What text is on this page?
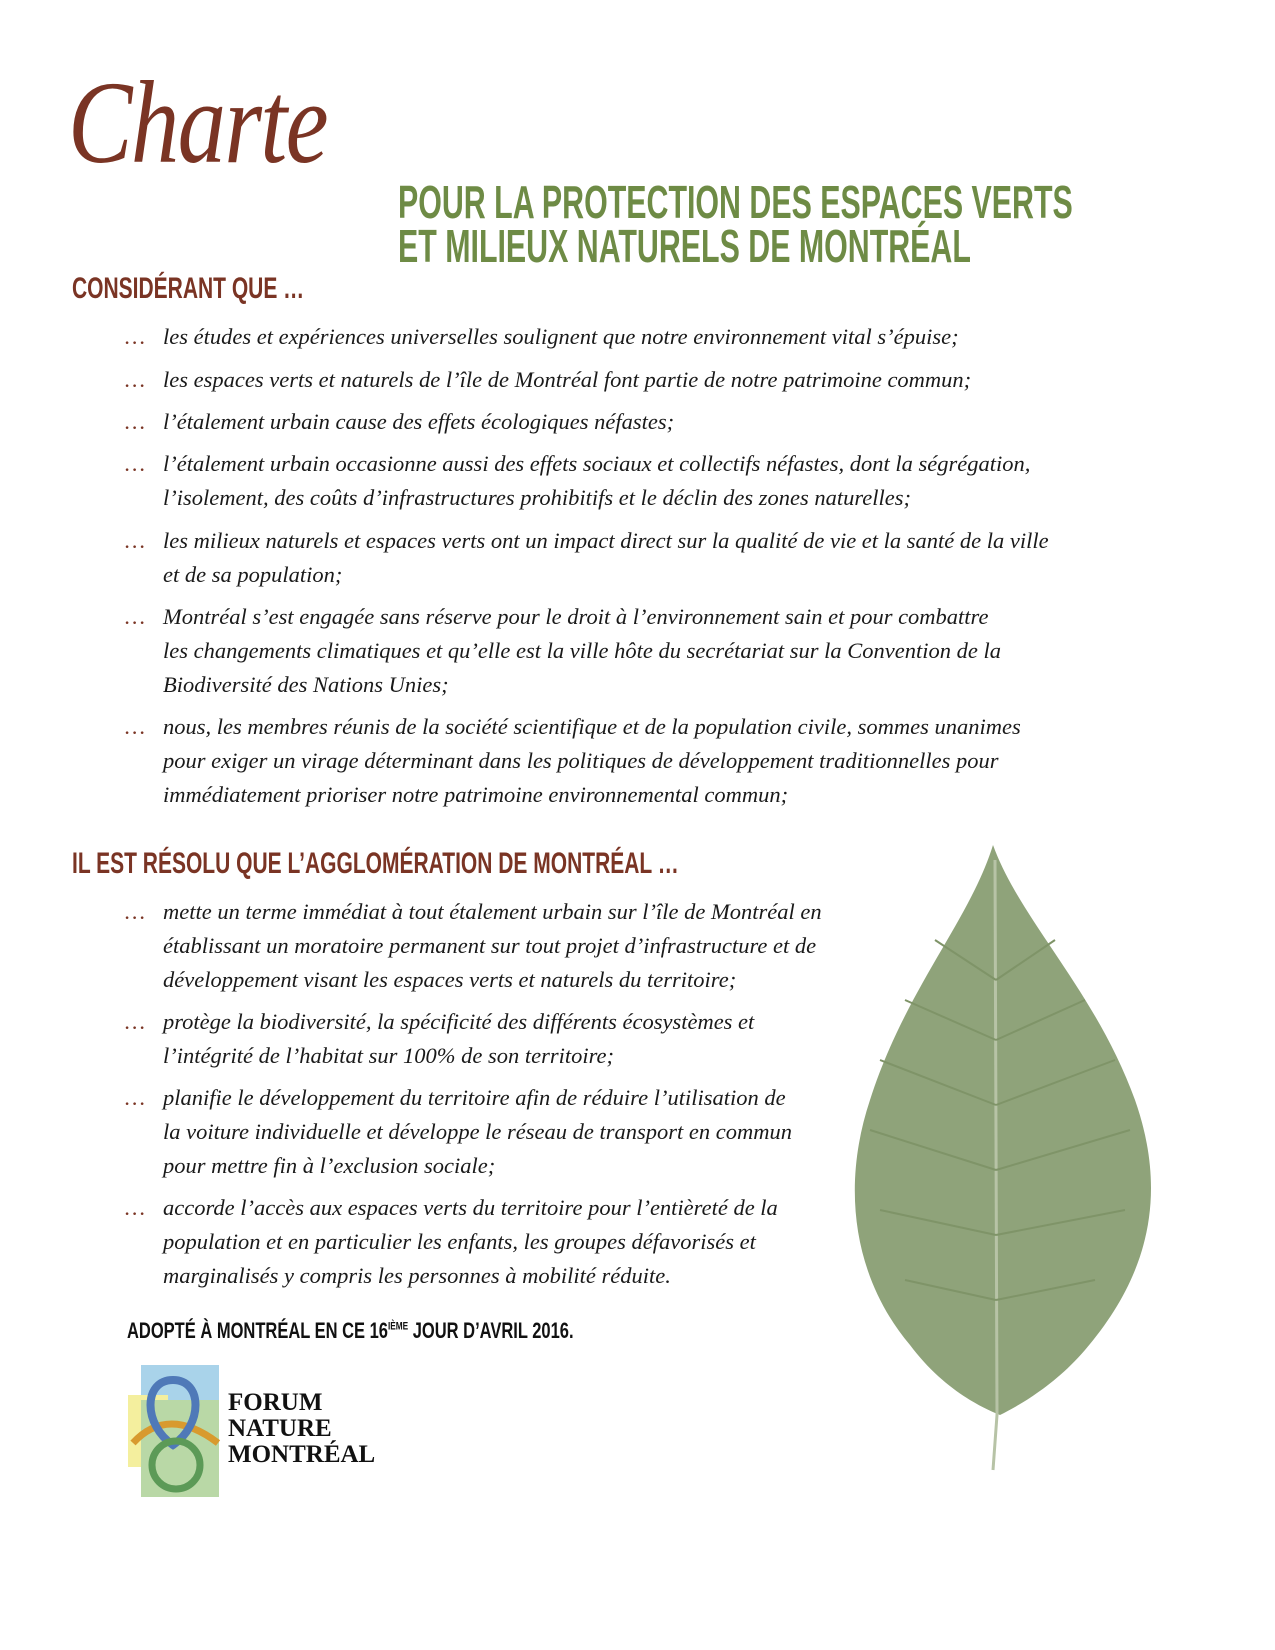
Charte
POUR LA PROTECTION DES ESPACES VERTS
ET MILIEUX NATURELS DE MONTRÉAL
CONSIDÉRANT QUE …
… les études et expériences universelles soulignent que notre environnement vital s’épuise;
… les espaces verts et naturels de l’île de Montréal font partie de notre patrimoine commun;
… l’étalement urbain cause des effets écologiques néfastes;
… l’étalement urbain occasionne aussi des effets sociaux et collectifs néfastes, dont la ségrégation,
l’isolement, des coûts d’infrastructures prohibitifs et le déclin des zones naturelles;
… les milieux naturels et espaces verts ont un impact direct sur la qualité de vie et la santé de la ville
et de sa population;
… Montréal s’est engagée sans réserve pour le droit à l’environnement sain et pour combattre
les changements climatiques et qu’elle est la ville hôte du secrétariat sur la Convention de la
Biodiversité des Nations Unies;
… nous, les membres réunis de la société scientifique et de la population civile, sommes unanimes
pour exiger un virage déterminant dans les politiques de développement traditionnelles pour
immédiatement prioriser notre patrimoine environnemental commun;
IL EST RÉSOLU QUE L’AGGLOMÉRATION DE MONTRÉAL …
… mette un terme immédiat à tout étalement urbain sur l’île de Montréal en
établissant un moratoire permanent sur tout projet d’infrastructure et de
développement visant les espaces verts et naturels du territoire;
… protège la biodiversité, la spécificité des différents écosystèmes et
l’intégrité de l’habitat sur 100% de son territoire;
… planifie le développement du territoire afin de réduire l’utilisation de
la voiture individuelle et développe le réseau de transport en commun
pour mettre fin à l’exclusion sociale;
… accorde l’accès aux espaces verts du territoire pour l’entièreté de la
population et en particulier les enfants, les groupes défavorisés et
marginalisés y compris les personnes à mobilité réduite.
ADOPTÉ À MONTRÉAL EN CE 16IÈME JOUR D’AVRIL 2016.
FORUM
NATURE
MONTRÉAL
